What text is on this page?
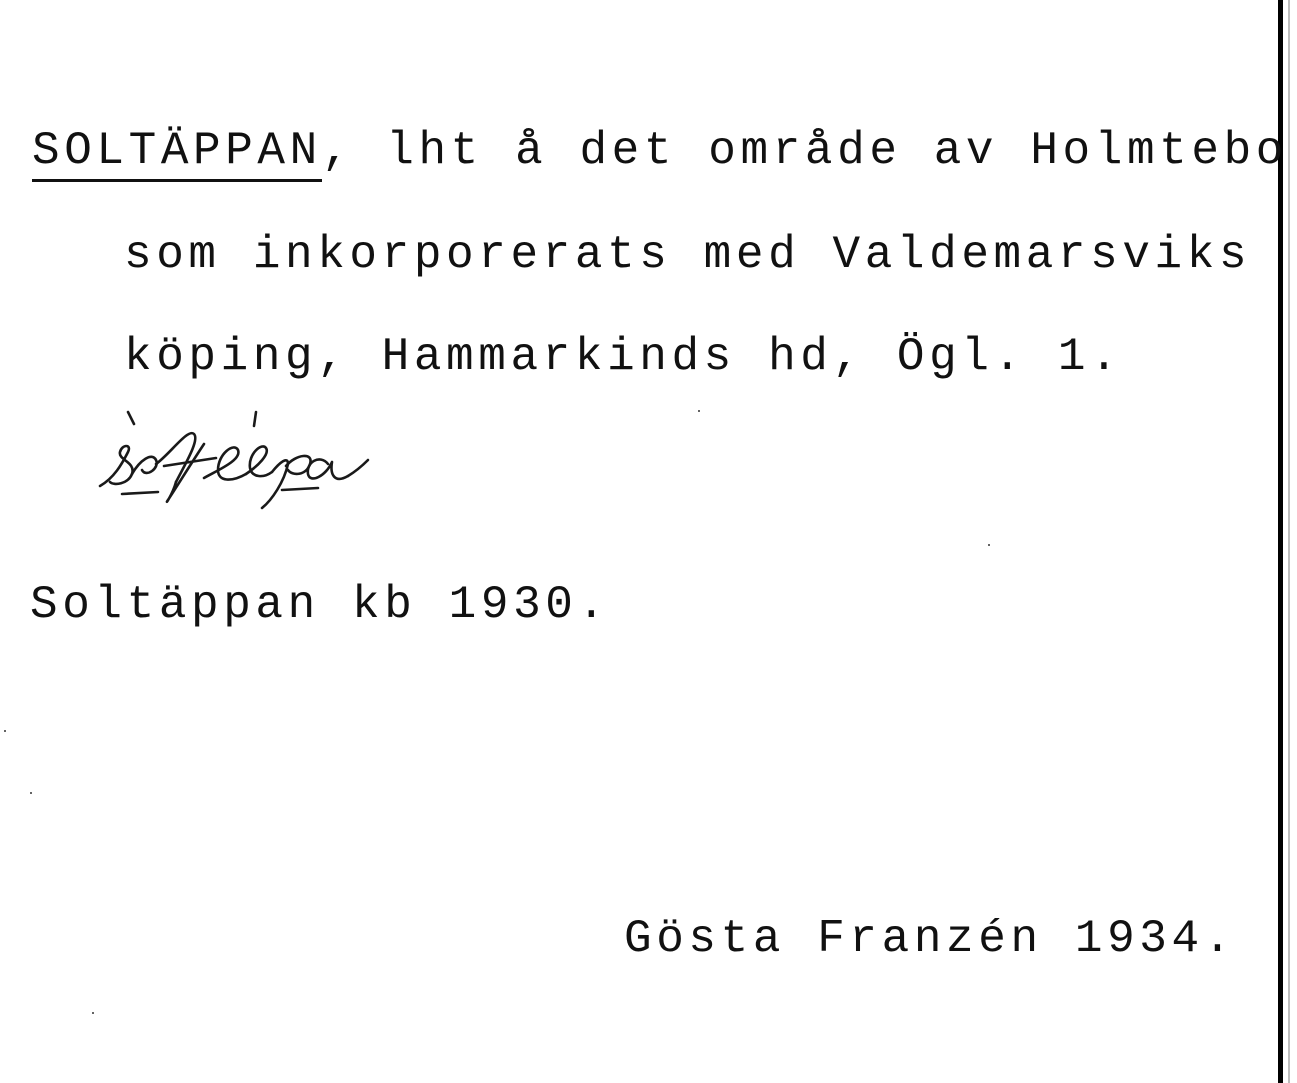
SOLTÄPPAN, lht å det område av Holmtebo
som inkorporerats med Valdemarsviks
köping, Hammarkinds hd, Ögl. 1.
Soltäppan kb 1930.
Gösta Franzén 1934.
